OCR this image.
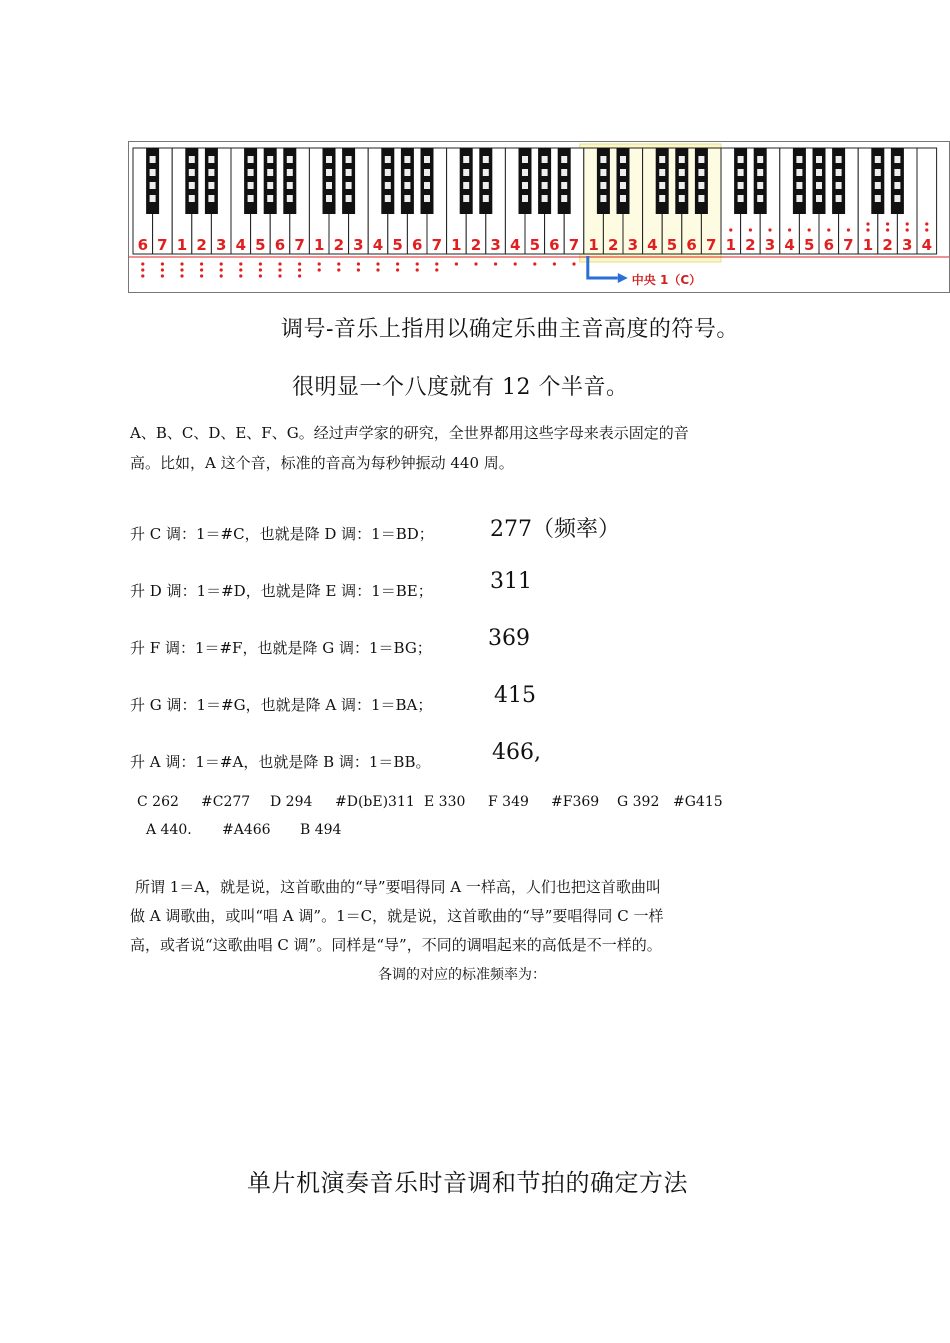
6 7 1 2 3 4 5 6 7 1 2 3 4 5 6 7 1 2 3 4 5 6 7 1 2 3 4 5 6 7 1 2 3 4 5 6 7 1 2 3 4
中央 1（C）
调号-音乐上指用以确定乐曲主音高度的符号。
很明显一个八度就有 12 个半音。
A、B、C、D、E、F、G。经过声学家的研究，全世界都用这些字母来表示固定的音
高。比如，A 这个音，标准的音高为每秒钟振动 440 周。
升 C 调：1＝#C，也就是降 D 调：1＝BD；	277（频率）
升 D 调：1＝#D，也就是降 E 调：1＝BE；	311
升 F 调：1＝#F，也就是降 G 调：1＝BG；	369
升 G 调：1＝#G，也就是降 A 调：1＝BA；	415
升 A 调：1＝#A，也就是降 B 调：1＝BB。	466,
C 262 #C277 D 294 #D(bE)311 E 330 F 349 #F369 G 392 #G415
A 440. #A466 B 494
所谓 1＝A，就是说，这首歌曲的“导”要唱得同 A 一样高，人们也把这首歌曲叫
做 A 调歌曲，或叫“唱 A 调”。1＝C，就是说，这首歌曲的“导”要唱得同 C 一样
高，或者说“这歌曲唱 C 调”。同样是“导”，不同的调唱起来的高低是不一样的。
各调的对应的标准频率为：
单片机演奏音乐时音调和节拍的确定方法
